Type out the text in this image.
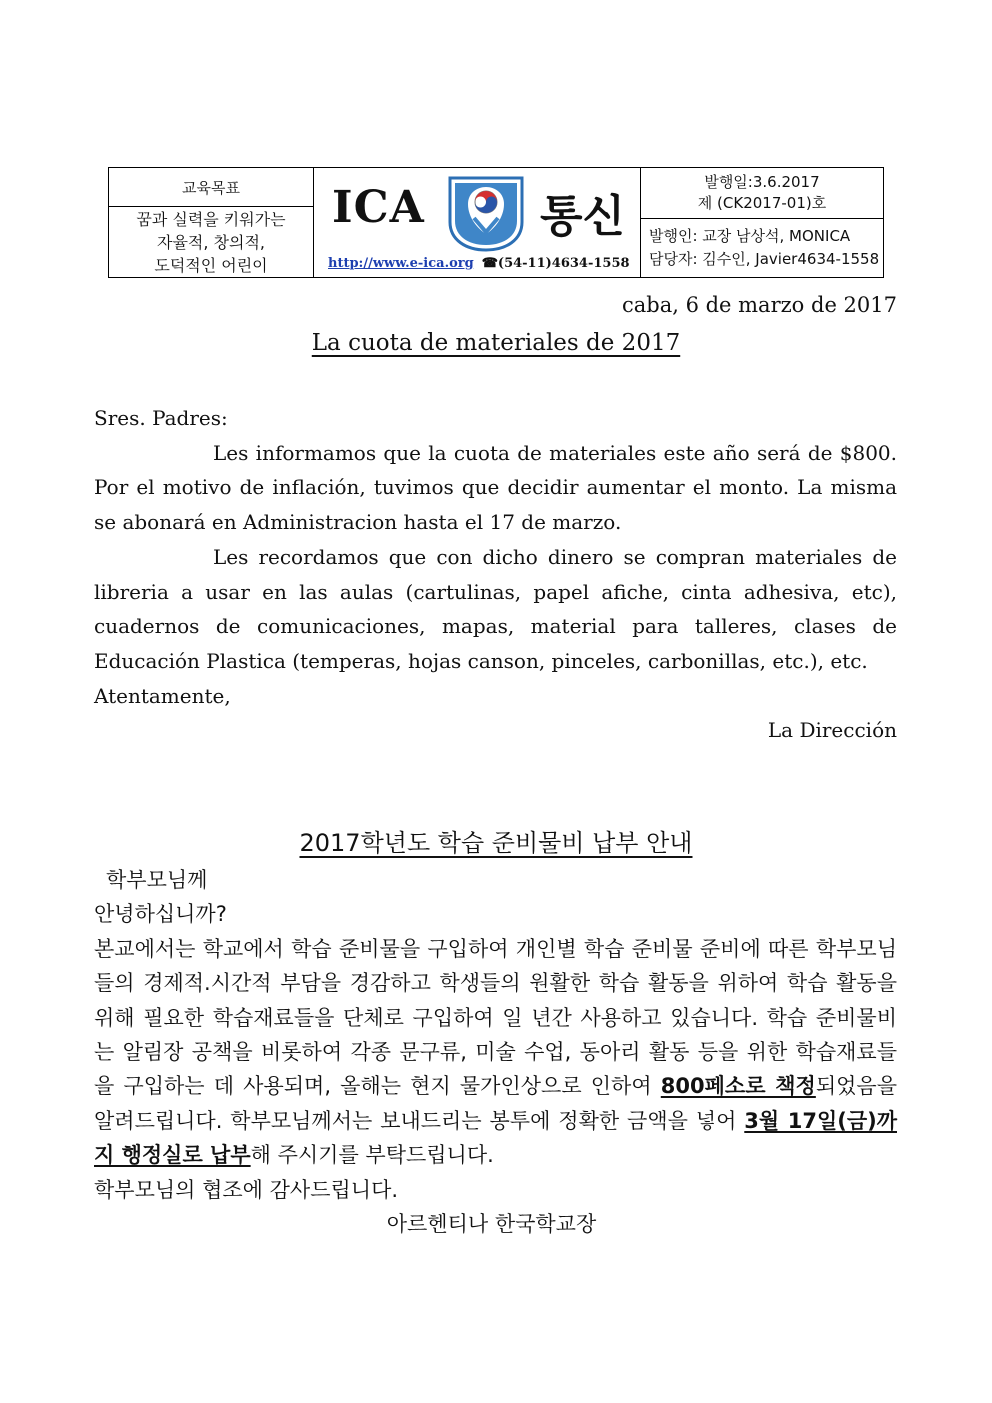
교육목표
꿈과 실력을 키워가는
자율적, 창의적,
도덕적인 어린이
ICA	통신
http://www.e-ica.org ☎(54-11)4634-1558
발행일:3.6.2017
제 (CK2017-01)호
발행인: 교장 남상석, MONICA
담당자: 김수인, Javier4634-1558
caba, 6 de marzo de 2017
La cuota de materiales de 2017

Sres. Padres:

Les informamos que la cuota de materiales este año será de $800. Por el motivo de inflación, tuvimos que decidir aumentar el monto. La misma se abonará en Administracion hasta el 17 de marzo.

Les recordamos que con dicho dinero se compran materiales de libreria a usar en las aulas (cartulinas, papel afiche, cinta adhesiva, etc), cuadernos de comunicaciones, mapas, material para talleres, clases de Educación Plastica (temperas, hojas canson, pinceles, carbonillas, etc.), etc.

Atentamente,

La Dirección

2017학년도 학습 준비물비 납부 안내

학부모님께

안녕하십니까?

본교에서는 학교에서 학습 준비물을 구입하여 개인별 학습 준비물 준비에 따른 학부모님들의 경제적.시간적 부담을 경감하고 학생들의 원활한 학습 활동을 위하여 학습 활동을 위해 필요한 학습재료들을 단체로 구입하여 일 년간 사용하고 있습니다. 학습 준비물비는 알림장 공책을 비롯하여 각종 문구류, 미술 수업, 동아리 활동 등을 위한 학습재료들을 구입하는 데 사용되며, 올해는 현지 물가인상으로 인하여 800페소로 책정되었음을 알려드립니다. 학부모님께서는 보내드리는 봉투에 정확한 금액을 넣어 3월 17일(금)까지 행정실로 납부해 주시기를 부탁드립니다.

학부모님의 협조에 감사드립니다.

아르헨티나 한국학교장
